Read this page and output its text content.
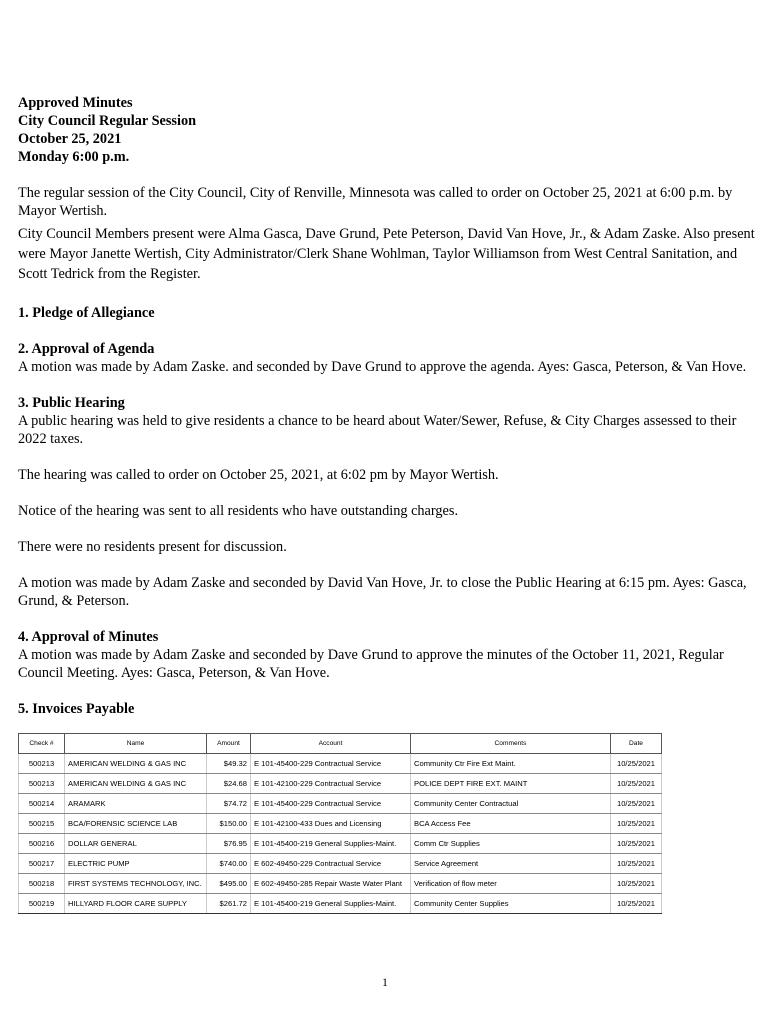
Approved Minutes
City Council Regular Session
October 25, 2021
Monday 6:00 p.m.

The regular session of the City Council, City of Renville, Minnesota was called to order on October 25, 2021 at 6:00 p.m. by Mayor Wertish.

City Council Members present were Alma Gasca, Dave Grund, Pete Peterson, David Van Hove, Jr., & Adam Zaske. Also present were Mayor Janette Wertish, City Administrator/Clerk Shane Wohlman, Taylor Williamson from West Central Sanitation, and Scott Tedrick from the Register.

1. Pledge of Allegiance

2. Approval of Agenda

A motion was made by Adam Zaske. and seconded by Dave Grund to approve the agenda. Ayes: Gasca, Peterson, & Van Hove.

3. Public Hearing

A public hearing was held to give residents a chance to be heard about Water/Sewer, Refuse, & City Charges assessed to their 2022 taxes.

The hearing was called to order on October 25, 2021, at 6:02 pm by Mayor Wertish.

Notice of the hearing was sent to all residents who have outstanding charges.

There were no residents present for discussion.

A motion was made by Adam Zaske and seconded by David Van Hove, Jr. to close the Public Hearing at 6:15 pm. Ayes: Gasca, Grund, & Peterson.

4. Approval of Minutes

A motion was made by Adam Zaske and seconded by Dave Grund to approve the minutes of the October 11, 2021, Regular Council Meeting. Ayes: Gasca, Peterson, & Van Hove.

5. Invoices Payable

Check #	Name	Amount	Account	Comments	Date
500213	AMERICAN WELDING & GAS INC	$49.32	E 101-45400-229 Contractual Service	Community Ctr Fire Ext Maint.	10/25/2021
500213	AMERICAN WELDING & GAS INC	$24.68	E 101-42100-229 Contractual Service	POLICE DEPT FIRE EXT. MAINT	10/25/2021
500214	ARAMARK	$74.72	E 101-45400-229 Contractual Service	Community Center Contractual	10/25/2021
500215	BCA/FORENSIC SCIENCE LAB	$150.00	E 101-42100-433 Dues and Licensing	BCA Access Fee	10/25/2021
500216	DOLLAR GENERAL	$76.95	E 101-45400-219 General Supplies-Maint.	Comm Ctr Supplies	10/25/2021
500217	ELECTRIC PUMP	$740.00	E 602-49450-229 Contractual Service	Service Agreement	10/25/2021
500218	FIRST SYSTEMS TECHNOLOGY, INC.	$495.00	E 602-49450-285 Repair Waste Water Plant	Verification of flow meter	10/25/2021
500219	HILLYARD FLOOR CARE SUPPLY	$261.72	E 101-45400-219 General Supplies-Maint.	Community Center Supplies	10/25/2021
1
